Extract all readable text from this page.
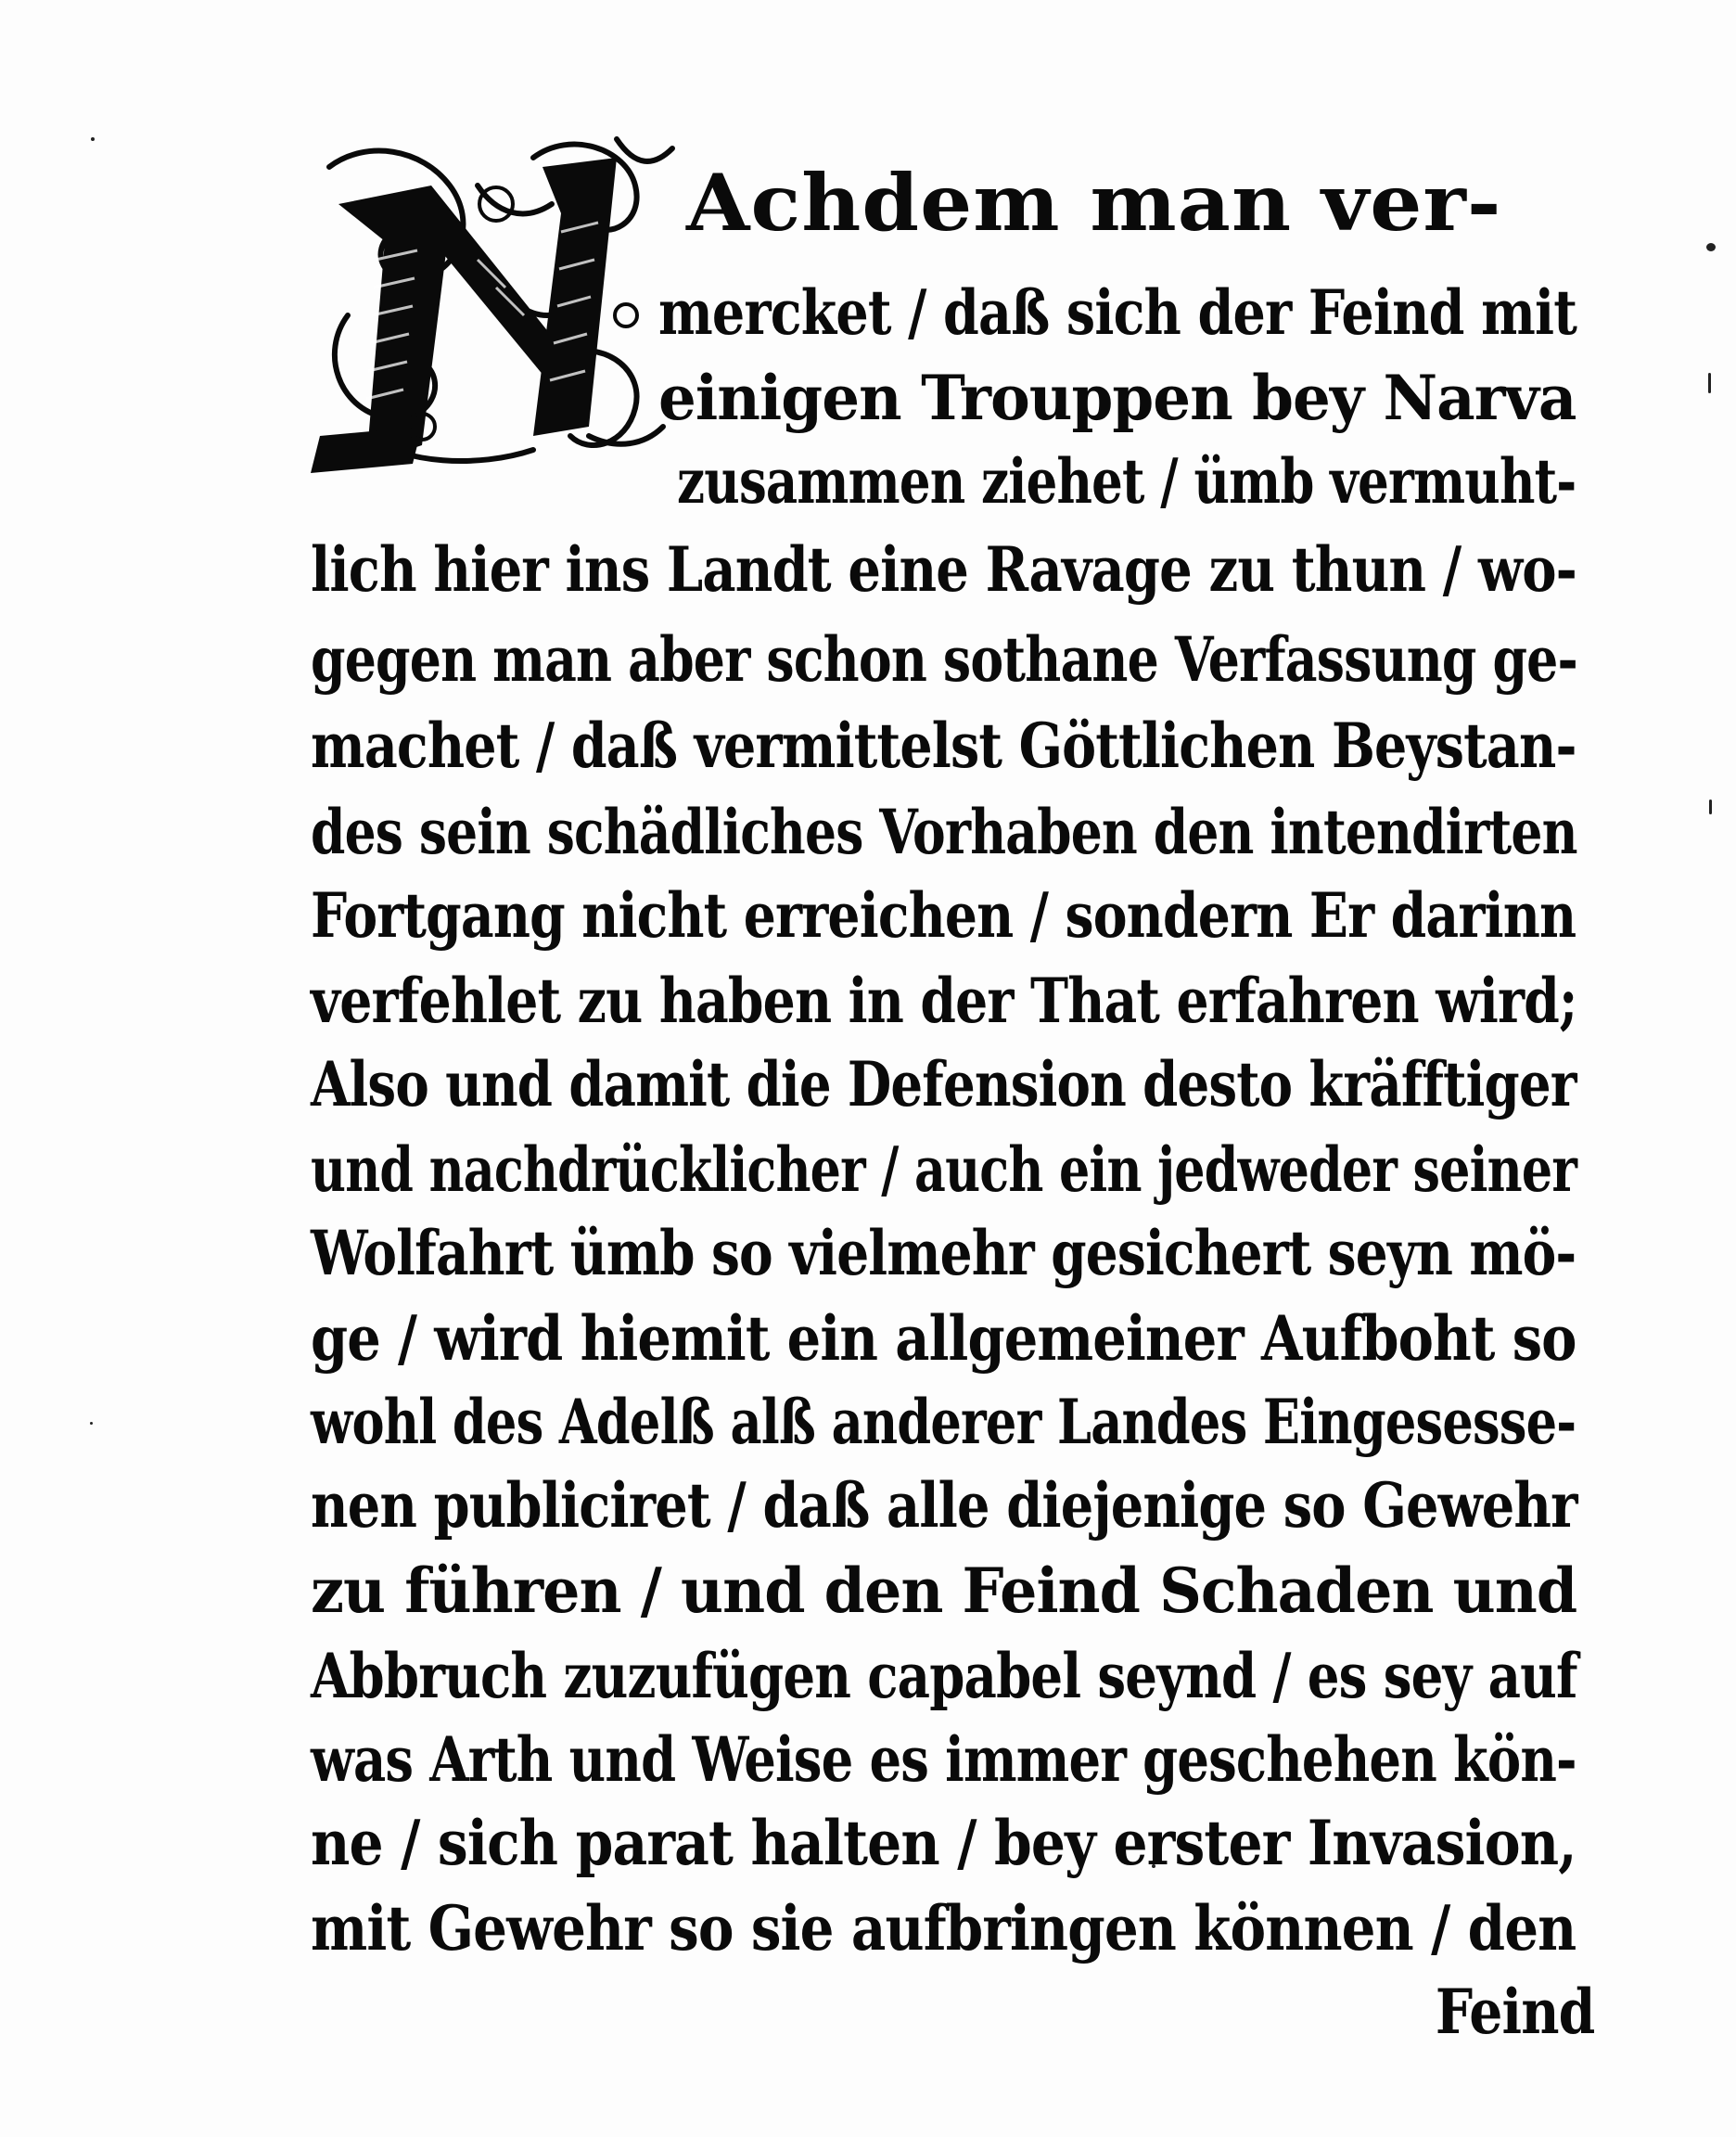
Achdem man ver-
mercket / daß sich der Feind mit
einigen Trouppen bey Narva
zusammen ziehet / ümb vermuht-
lich hier ins Landt eine Ravage zu thun / wo-
gegen man aber schon sothane Verfassung ge-
machet / daß vermittelst Göttlichen Beystan-
des sein schädliches Vorhaben den intendirten
Fortgang nicht erreichen / sondern Er darinn
verfehlet zu haben in der That erfahren wird;
Also und damit die Defension desto kräfftiger
und nachdrücklicher / auch ein jedweder seiner
Wolfahrt ümb so vielmehr gesichert seyn mö-
ge / wird hiemit ein allgemeiner Aufboht so
wohl des Adelß alß anderer Landes Eingesesse-
nen publiciret / daß alle diejenige so Gewehr
zu führen / und den Feind Schaden und
Abbruch zuzufügen capabel seynd / es sey auf
was Arth und Weise es immer geschehen kön-
ne / sich parat halten / bey erster Invasion,
mit Gewehr so sie aufbringen können / den
Feind
